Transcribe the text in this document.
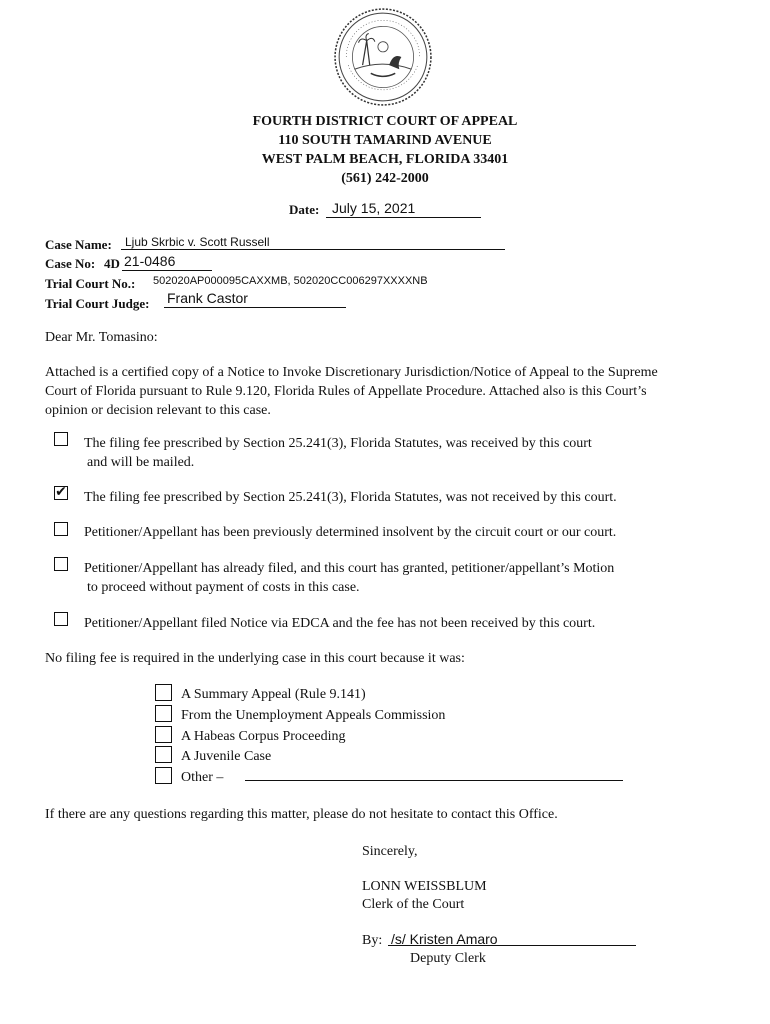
FOURTH DISTRICT COURT OF APPEAL
110 SOUTH TAMARIND AVENUE
WEST PALM BEACH, FLORIDA 33401
(561) 242-2000
Date: July 15, 2021
Case Name: Ljub Skrbic v. Scott Russell
Case No: 4D 21-0486
Trial Court No.: 502020AP000095CAXXMB, 502020CC006297XXXXNB
Trial Court Judge: Frank Castor
Dear Mr. Tomasino:
Attached is a certified copy of a Notice to Invoke Discretionary Jurisdiction/Notice of Appeal to the Supreme
Court of Florida pursuant to Rule 9.120, Florida Rules of Appellate Procedure. Attached also is this Court’s
opinion or decision relevant to this case.
The filing fee prescribed by Section 25.241(3), Florida Statutes, was received by this court
and will be mailed.
✔ The filing fee prescribed by Section 25.241(3), Florida Statutes, was not received by this court.
Petitioner/Appellant has been previously determined insolvent by the circuit court or our court.
Petitioner/Appellant has already filed, and this court has granted, petitioner/appellant’s Motion
to proceed without payment of costs in this case.
Petitioner/Appellant filed Notice via EDCA and the fee has not been received by this court.
No filing fee is required in the underlying case in this court because it was:
A Summary Appeal (Rule 9.141)
From the Unemployment Appeals Commission
A Habeas Corpus Proceeding
A Juvenile Case
Other –
If there are any questions regarding this matter, please do not hesitate to contact this Office.
Sincerely,
LONN WEISSBLUM
Clerk of the Court
By: /s/ Kristen Amaro
Deputy Clerk
